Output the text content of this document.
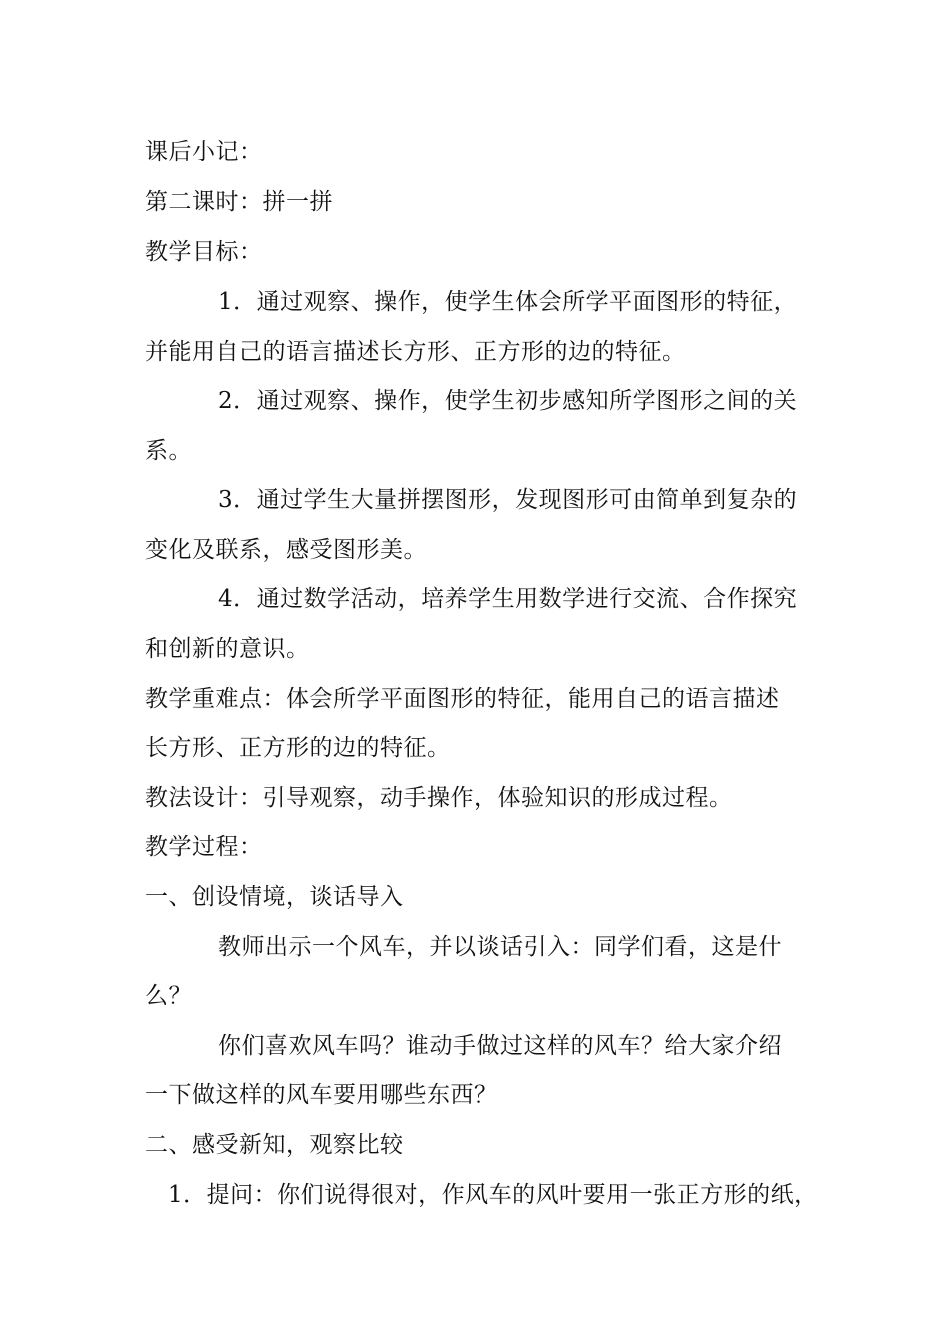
课后小记：
第二课时：拼一拼
教学目标：
1．通过观察、操作，使学生体会所学平面图形的特征，
并能用自己的语言描述长方形、正方形的边的特征。
2．通过观察、操作，使学生初步感知所学图形之间的关
系。
3．通过学生大量拼摆图形，发现图形可由简单到复杂的
变化及联系，感受图形美。
4．通过数学活动，培养学生用数学进行交流、合作探究
和创新的意识。
教学重难点：体会所学平面图形的特征，能用自己的语言描述
长方形、正方形的边的特征。
教法设计：引导观察，动手操作，体验知识的形成过程。
教学过程：
一、创设情境，谈话导入
教师出示一个风车，并以谈话引入：同学们看，这是什
么？
你们喜欢风车吗？谁动手做过这样的风车？给大家介绍
一下做这样的风车要用哪些东西？
二、感受新知，观察比较
1．提问：你们说得很对，作风车的风叶要用一张正方形的纸，
